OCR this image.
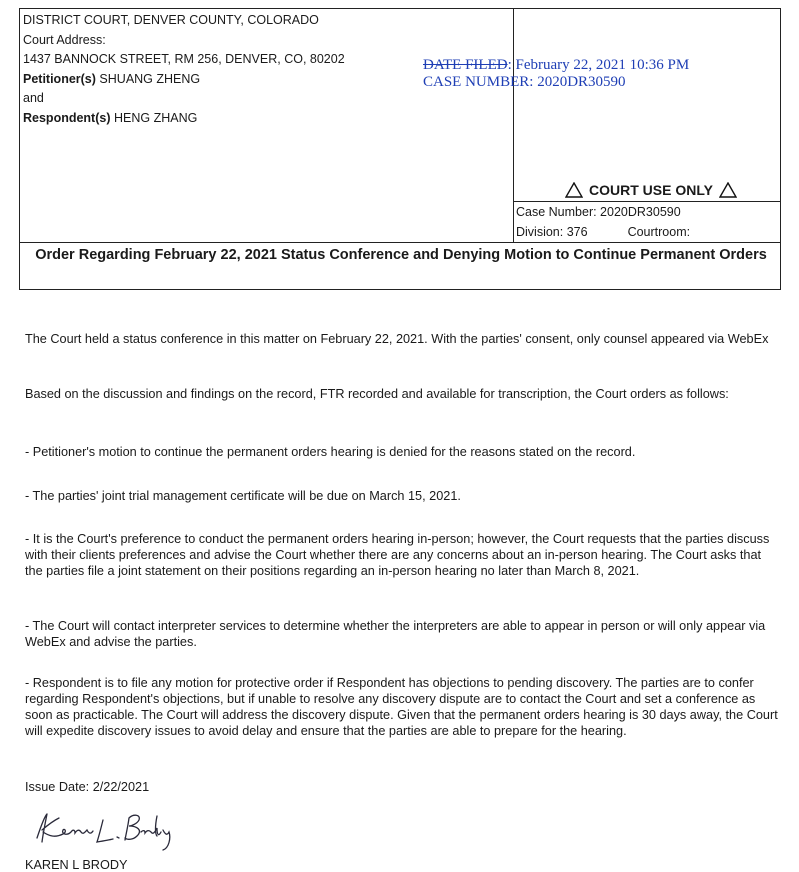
DISTRICT COURT, DENVER COUNTY, COLORADO
Court Address:
1437 BANNOCK STREET, RM 256, DENVER, CO, 80202
Petitioner(s) SHUANG ZHENG
and
Respondent(s) HENG ZHANG
COURT USE ONLY
Case Number: 2020DR30590
Division: 376	Courtroom:
DATE FILED: February 22, 2021 10:36 PM
CASE NUMBER: 2020DR30590
Order Regarding February 22, 2021 Status Conference and Denying Motion to Continue Permanent Orders

The Court held a status conference in this matter on February 22, 2021. With the parties' consent, only counsel appeared via WebEx

Based on the discussion and findings on the record, FTR recorded and available for transcription, the Court orders as follows:

- Petitioner's motion to continue the permanent orders hearing is denied for the reasons stated on the record.

- The parties' joint trial management certificate will be due on March 15, 2021.

- It is the Court's preference to conduct the permanent orders hearing in-person; however, the Court requests that the parties discuss with their clients preferences and advise the Court whether there are any concerns about an in-person hearing. The Court asks that the parties file a joint statement on their positions regarding an in-person hearing no later than March 8, 2021.

- The Court will contact interpreter services to determine whether the interpreters are able to appear in person or will only appear via WebEx and advise the parties.

- Respondent is to file any motion for protective order if Respondent has objections to pending discovery. The parties are to confer regarding Respondent's objections, but if unable to resolve any discovery dispute are to contact the Court and set a conference as soon as practicable. The Court will address the discovery dispute. Given that the permanent orders hearing is 30 days away, the Court will expedite discovery issues to avoid delay and ensure that the parties are able to prepare for the hearing.

Issue Date: 2/22/2021

KAREN L BRODY
